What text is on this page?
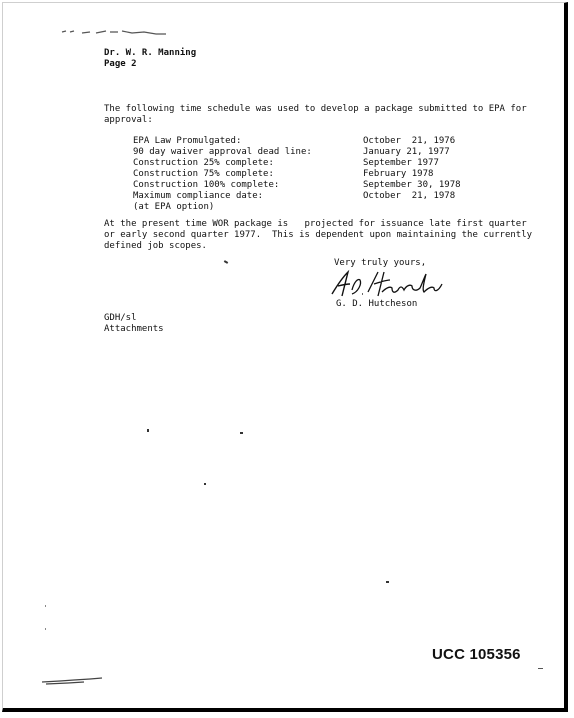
Dr. W. R. Manning
Page 2
The following time schedule was used to develop a package submitted to EPA for
approval:
EPA Law Promulgated:	October  21, 1976
90 day waiver approval dead line:	January 21, 1977
Construction 25% complete:	September 1977
Construction 75% complete:	February 1978
Construction 100% complete:	September 30, 1978
Maximum compliance date:	October  21, 1978
(at EPA option)
At the present time WOR package is   projected for issuance late first quarter
or early second quarter 1977.  This is dependent upon maintaining the currently
defined job scopes.
Very truly yours,
G. D. Hutcheson
GDH/sl
Attachments
UCC 105356
